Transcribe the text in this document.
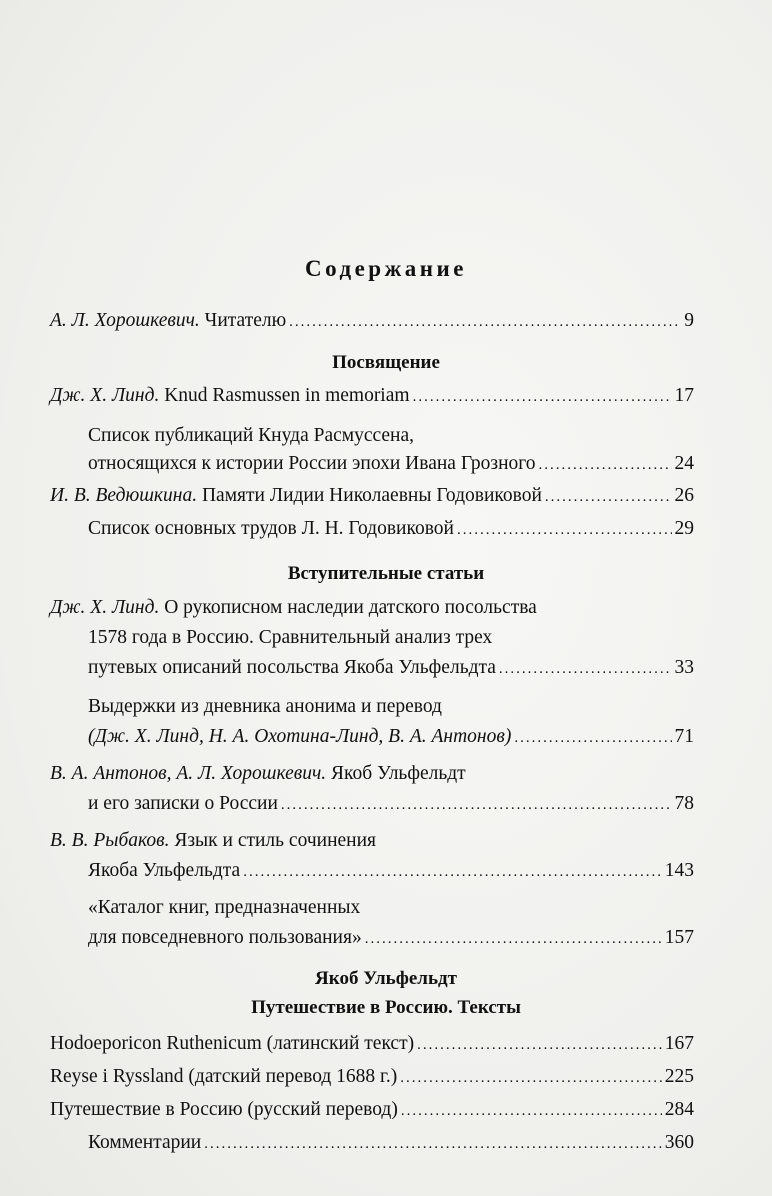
Содержание
А. Л. Хорошкевич. Читателю .....	9
Посвящение
Дж. Х. Линд. Knud Rasmussen in memoriam .....	17
Список публикаций Кнуда Расмуссена,
относящихся к истории России эпохи Ивана Грозного .....	24
И. В. Ведюшкина. Памяти Лидии Николаевны Годовиковой .....	26
Список основных трудов Л. Н. Годовиковой .....	29
Вступительные статьи
Дж. Х. Линд. О рукописном наследии датского посольства
1578 года в Россию. Сравнительный анализ трех
путевых описаний посольства Якоба Ульфельдта .....	33
Выдержки из дневника анонима и перевод
(Дж. Х. Линд, Н. А. Охотина-Линд, В. А. Антонов) .....	71
В. А. Антонов, А. Л. Хорошкевич. Якоб Ульфельдт
и его записки о России .....	78
В. В. Рыбаков. Язык и стиль сочинения
Якоба Ульфельдта .....	143
«Каталог книг, предназначенных
для повседневного пользования» .....	157
Якоб Ульфельдт
Путешествие в Россию. Тексты
Hodoeporicon Ruthenicum (латинский текст) .....	167
Reyse i Ryssland (датский перевод 1688 г.) .....	225
Путешествие в Россию (русский перевод) .....	284
Комментарии .....	360
